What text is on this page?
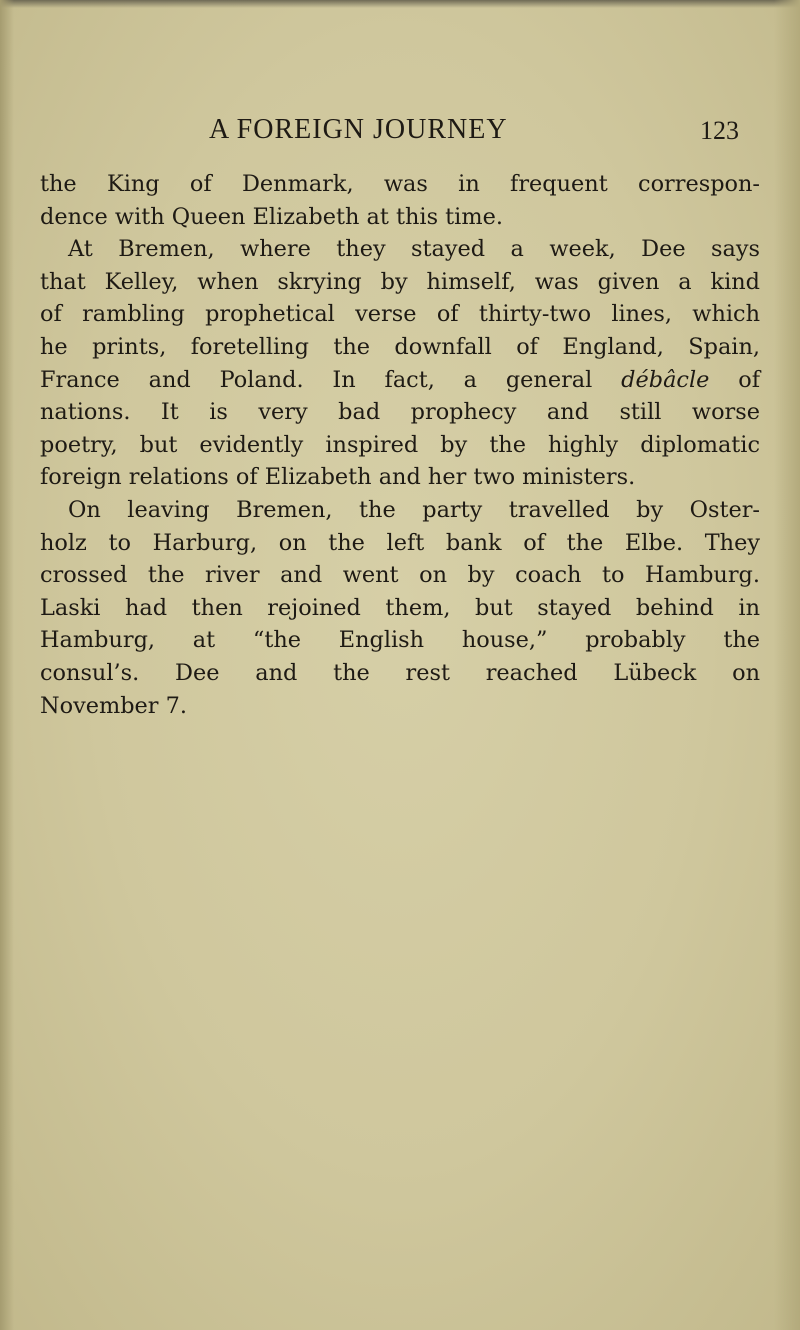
A FOREIGN JOURNEY	123
the King of Denmark, was in frequent correspon-
dence with Queen Elizabeth at this time.
At Bremen, where they stayed a week, Dee says
that Kelley, when skrying by himself, was given a kind
of rambling prophetical verse of thirty-two lines, which
he prints, foretelling the downfall of England, Spain,
France and Poland. In fact, a general débâcle of
nations. It is very bad prophecy and still worse
poetry, but evidently inspired by the highly diplomatic
foreign relations of Elizabeth and her two ministers.
On leaving Bremen, the party travelled by Oster-
holz to Harburg, on the left bank of the Elbe. They
crossed the river and went on by coach to Hamburg.
Laski had then rejoined them, but stayed behind in
Hamburg, at “the English house,” probably the
consul’s. Dee and the rest reached Lübeck on
November 7.
